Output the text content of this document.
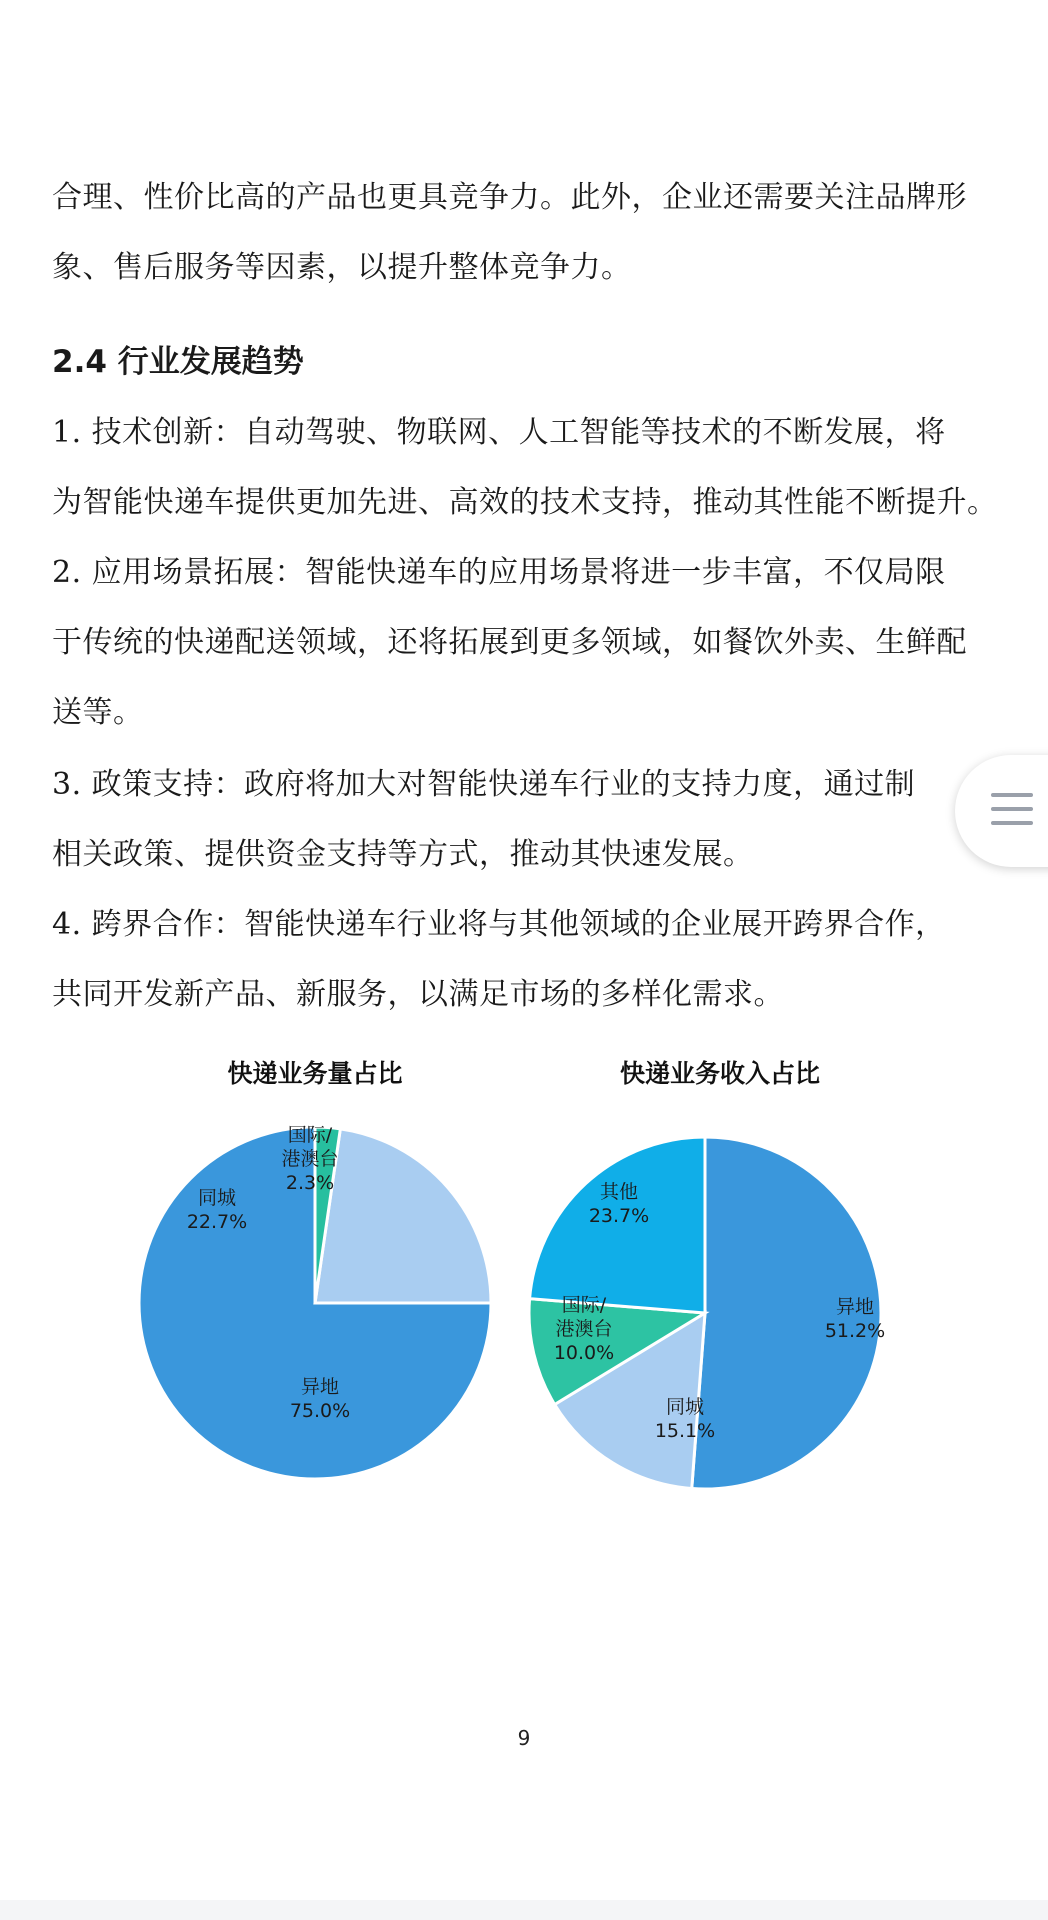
合理、性价比高的产品也更具竞争力。此外，企业还需要关注品牌形

象、售后服务等因素，以提升整体竞争力。

2.4 行业发展趋势

1. 技术创新：自动驾驶、物联网、人工智能等技术的不断发展，将

为智能快递车提供更加先进、高效的技术支持，推动其性能不断提升。

2. 应用场景拓展：智能快递车的应用场景将进一步丰富，不仅局限

于传统的快递配送领域，还将拓展到更多领域，如餐饮外卖、生鲜配

送等。

3. 政策支持：政府将加大对智能快递车行业的支持力度，通过制

相关政策、提供资金支持等方式，推动其快速发展。

4. 跨界合作：智能快递车行业将与其他领域的企业展开跨界合作，

共同开发新产品、新服务，以满足市场的多样化需求。

快递业务量占比
异地
75.0%
同城
22.7%
国际/
港澳台
2.3%
快递业务收入占比
异地
51.2%
同城
15.1%
国际/
港澳台
10.0%
其他
23.7%
9
